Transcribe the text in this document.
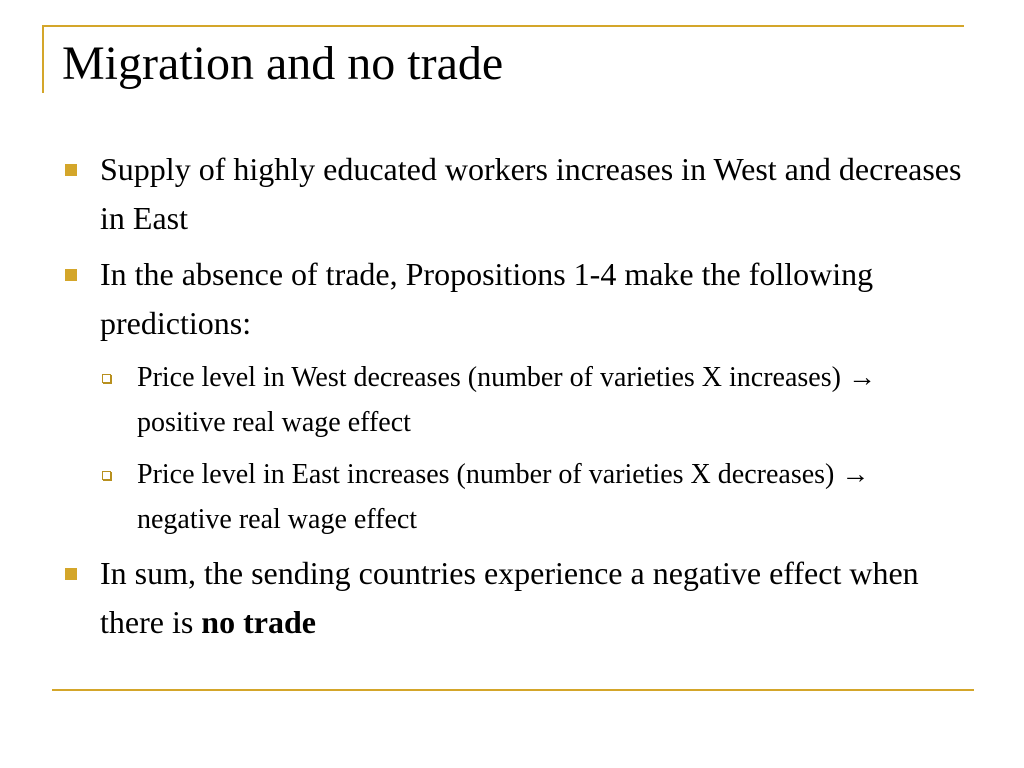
Migration and no trade
Supply of highly educated workers increases in West and decreases in East
In the absence of trade, Propositions 1-4 make the following predictions:
Price level in West decreases (number of varieties X increases) → positive real wage effect
Price level in East increases (number of varieties X decreases) → negative real wage effect
In sum, the sending countries experience a negative effect when there is no trade
